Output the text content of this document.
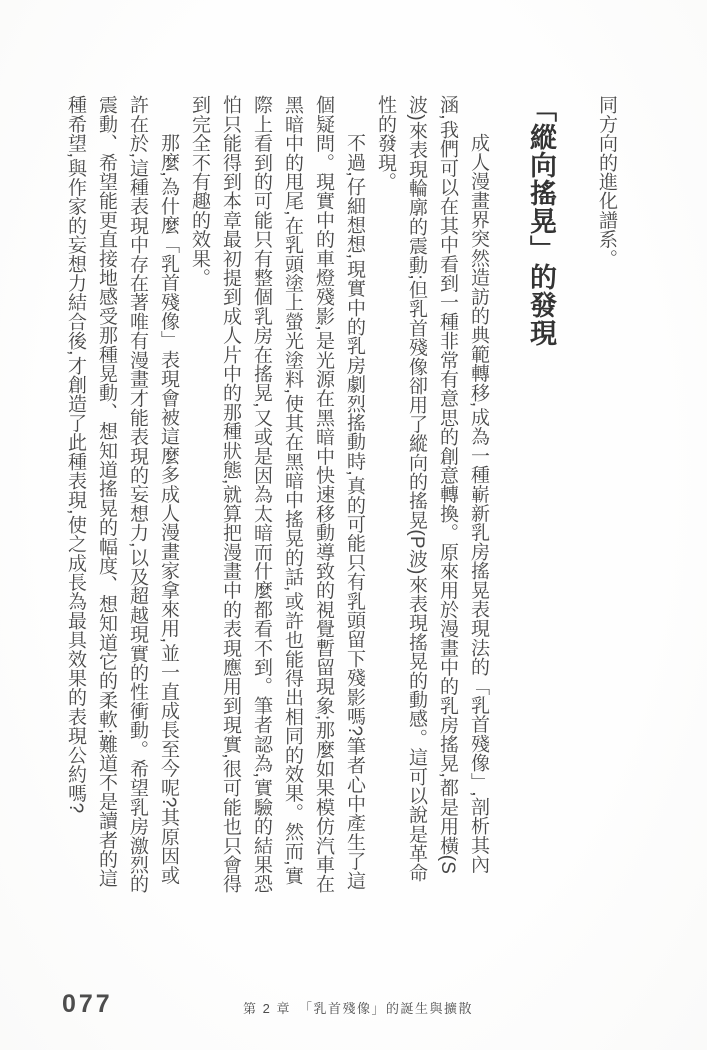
同方向的進化譜系。

「縱向搖晃」的發現

成人漫畫界突然造訪的典範轉移,成為一種嶄新乳房搖晃表現法的「乳首殘像」,剖析其內涵,我們可以在其中看到一種非常有意思的創意轉換。原來用於漫畫中的乳房搖晃,都是用橫(S波)來表現輪廓的震動;但乳首殘像卻用了縱向的搖晃(P波)來表現搖晃的動感。這可以說是革命性的發現。

不過,仔細想想,現實中的乳房劇烈搖動時,真的可能只有乳頭留下殘影嗎?筆者心中產生了這個疑問。現實中的車燈殘影,是光源在黑暗中快速移動導致的視覺暫留現象;那麼如果模仿汽車在黑暗中的甩尾,在乳頭塗上螢光塗料,使其在黑暗中搖晃的話,或許也能得出相同的效果。然而,實際上看到的可能只有整個乳房在搖晃,又或是因為太暗而什麼都看不到。筆者認為,實驗的結果恐怕只能得到本章最初提到成人片中的那種狀態,就算把漫畫中的表現應用到現實,很可能也只會得到完全不有趣的效果。

那麼,為什麼「乳首殘像」表現會被這麼多成人漫畫家拿來用,並一直成長至今呢?其原因或許在於,這種表現中存在著唯有漫畫才能表現的妄想力,以及超越現實的性衝動。希望乳房激烈的震動、希望能更直接地感受那種晃動、想知道搖晃的幅度、想知道它的柔軟;難道不是讀者的這種希望,與作家的妄想力結合後,才創造了此種表現,使之成長為最具效果的表現公約嗎?

077	第 2 章　「乳首殘像」的誕生與擴散
